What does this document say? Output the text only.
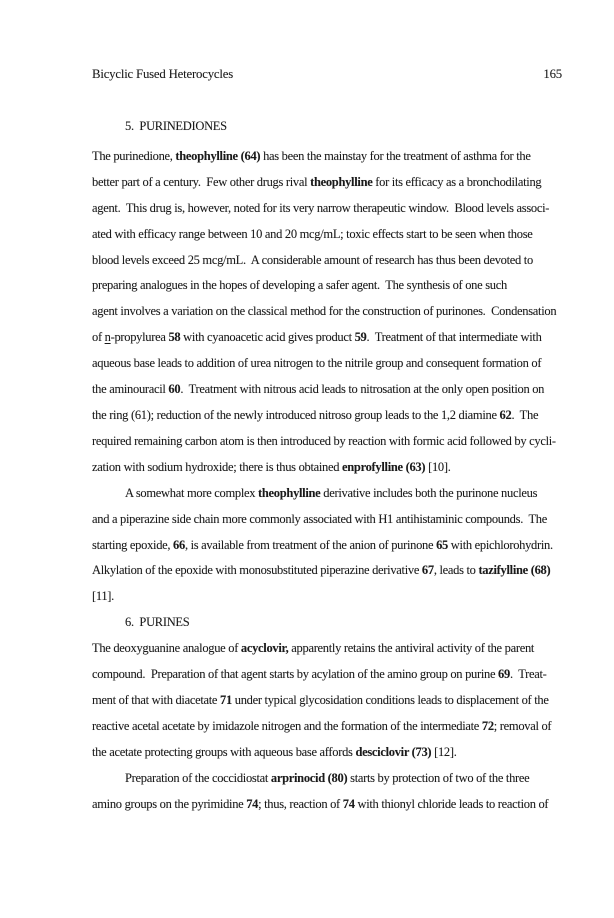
Bicyclic Fused Heterocycles	165
5.  PURINEDIONES
The purinedione, theophylline (64) has been the mainstay for the treatment of asthma for the
better part of a century.  Few other drugs rival theophylline for its efficacy as a bronchodilating
agent.  This drug is, however, noted for its very narrow therapeutic window.  Blood levels associ-
ated with efficacy range between 10 and 20 mcg/mL; toxic effects start to be seen when those
blood levels exceed 25 mcg/mL.  A considerable amount of research has thus been devoted to
preparing analogues in the hopes of developing a safer agent.  The synthesis of one such
agent involves a variation on the classical method for the construction of purinones.  Condensation
of n-propylurea 58 with cyanoacetic acid gives product 59.  Treatment of that intermediate with
aqueous base leads to addition of urea nitrogen to the nitrile group and consequent formation of
the aminouracil 60.  Treatment with nitrous acid leads to nitrosation at the only open position on
the ring (61); reduction of the newly introduced nitroso group leads to the 1,2 diamine 62.  The
required remaining carbon atom is then introduced by reaction with formic acid followed by cycli-
zation with sodium hydroxide; there is thus obtained enprofylline (63) [10].
A somewhat more complex theophylline derivative includes both the purinone nucleus
and a piperazine side chain more commonly associated with H1 antihistaminic compounds.  The
starting epoxide, 66, is available from treatment of the anion of purinone 65 with epichlorohydrin.
Alkylation of the epoxide with monosubstituted piperazine derivative 67, leads to tazifylline (68)
[11].
6.  PURINES
The deoxyguanine analogue of acyclovir, apparently retains the antiviral activity of the parent
compound.  Preparation of that agent starts by acylation of the amino group on purine 69.  Treat-
ment of that with diacetate 71 under typical glycosidation conditions leads to displacement of the
reactive acetal acetate by imidazole nitrogen and the formation of the intermediate 72; removal of
the acetate protecting groups with aqueous base affords desciclovir (73) [12].
Preparation of the coccidiostat arprinocid (80) starts by protection of two of the three
amino groups on the pyrimidine 74; thus, reaction of 74 with thionyl chloride leads to reaction of
